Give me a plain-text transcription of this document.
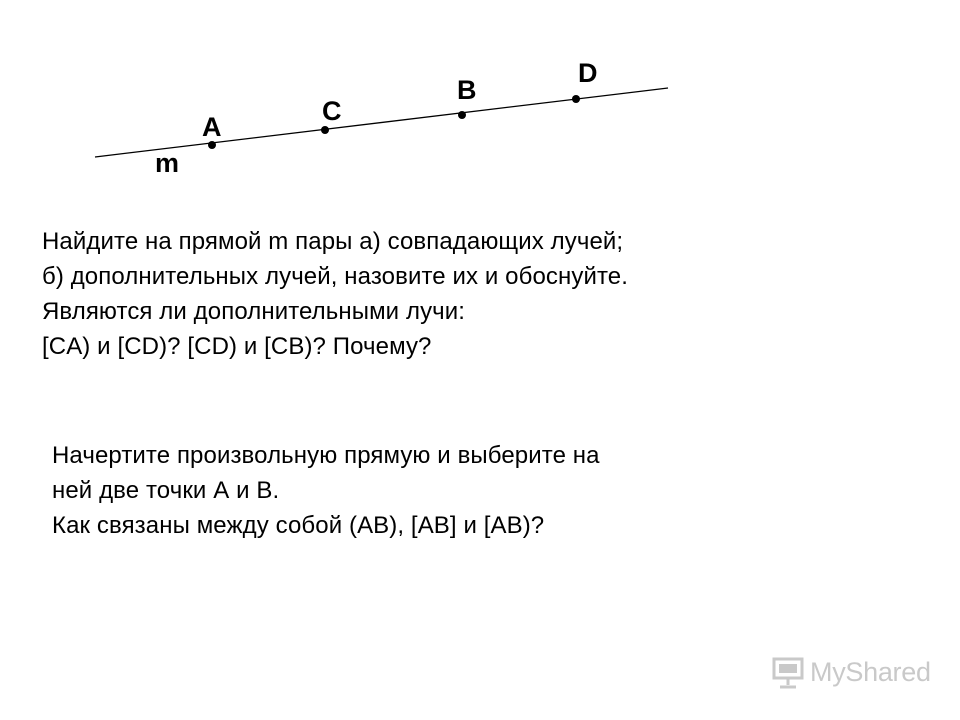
m
A
C
B
D
Найдите на прямой m пары а) совпадающих лучей;
б) дополнительных лучей, назовите их и обоснуйте.
Являются ли дополнительными лучи:
[CA) и [CD)? [CD) и [CB)? Почему?
Начертите произвольную прямую и выберите на
ней две точки А и В.
Как связаны между собой (АВ), [АВ] и [АВ)?
MyShared
